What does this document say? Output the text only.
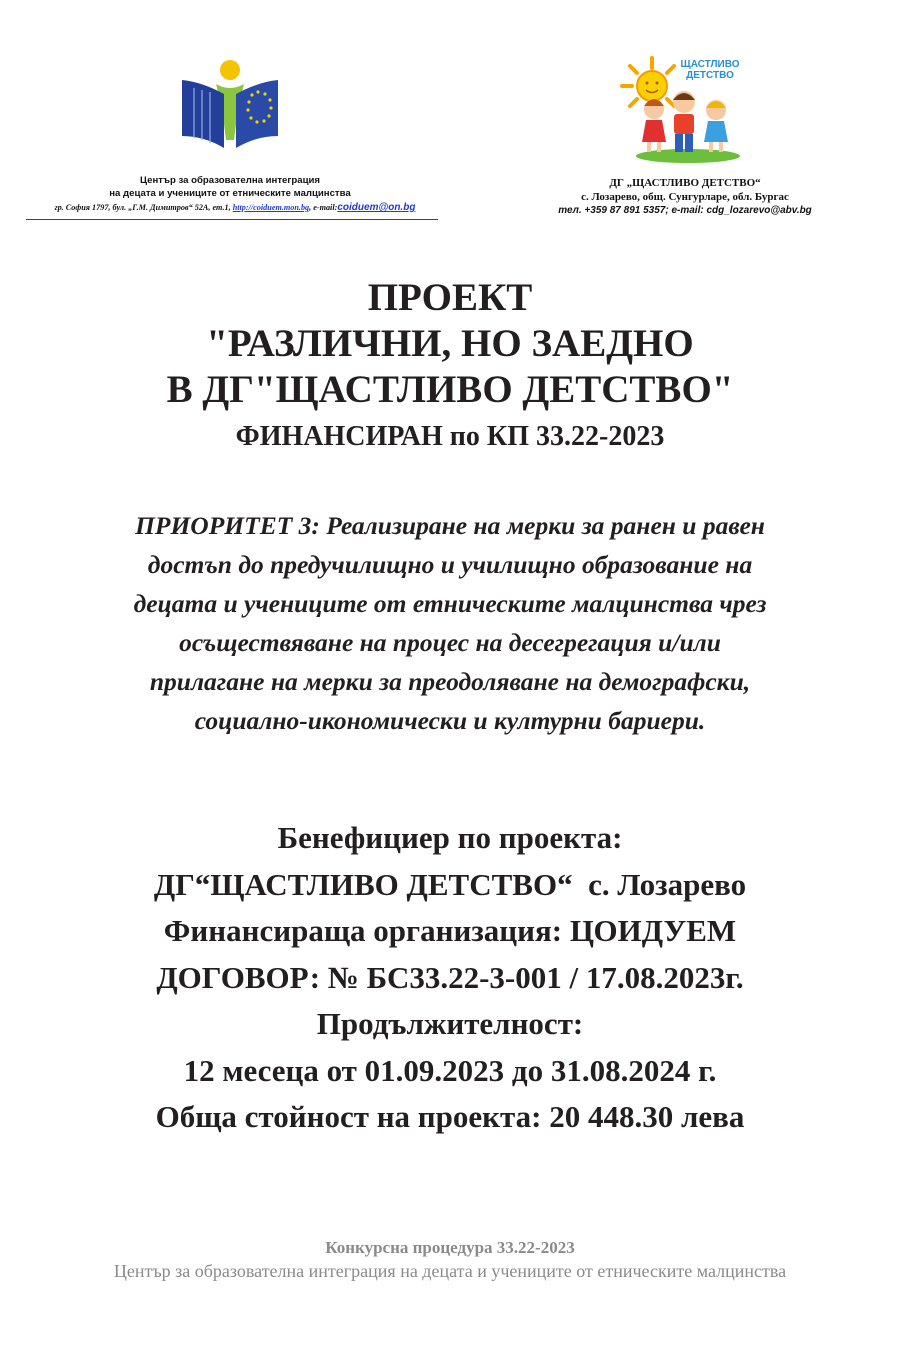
Център за образователна интеграция
на децата и учениците от етническите малцинства
гр. София 1797, бул. „Г.М. Димитров“ 52А, ет.1, http://coiduem.mon.bg, e-mail:coiduem@on.bg
ЩАСТЛИВО
ДЕТСТВО
ДГ „ЩАСТЛИВО ДЕТСТВО“
с. Лозарево, общ. Сунгурларе, обл. Бургас
тел. +359 87 891 5357; e-mail: cdg_lozarevo@abv.bg
ПРОЕКТ
"РАЗЛИЧНИ, НО ЗАЕДНО
В ДГ"ЩАСТЛИВО ДЕТСТВО"
ФИНАНСИРАН по КП 33.22-2023
ПРИОРИТЕТ 3: Реализиране на мерки за ранен и равен
достъп до предучилищно и училищно образование на
децата и учениците от етническите малцинства чрез
осъществяване на процес на десегрегация и/или
прилагане на мерки за преодоляване на демографски,
социално-икономически и културни бариери.
Бенефициер по проекта:
ДГ“ЩАСТЛИВО ДЕТСТВО“  с. Лозарево
Финансираща организация: ЦОИДУЕМ
ДОГОВОР: № БС33.22-3-001 / 17.08.2023г.
Продължителност:
12 месеца от 01.09.2023 до 31.08.2024 г.
Обща стойност на проекта: 20 448.30 лева
Конкурсна процедура 33.22-2023
Център за образователна интеграция на децата и учениците от етническите малцинства
